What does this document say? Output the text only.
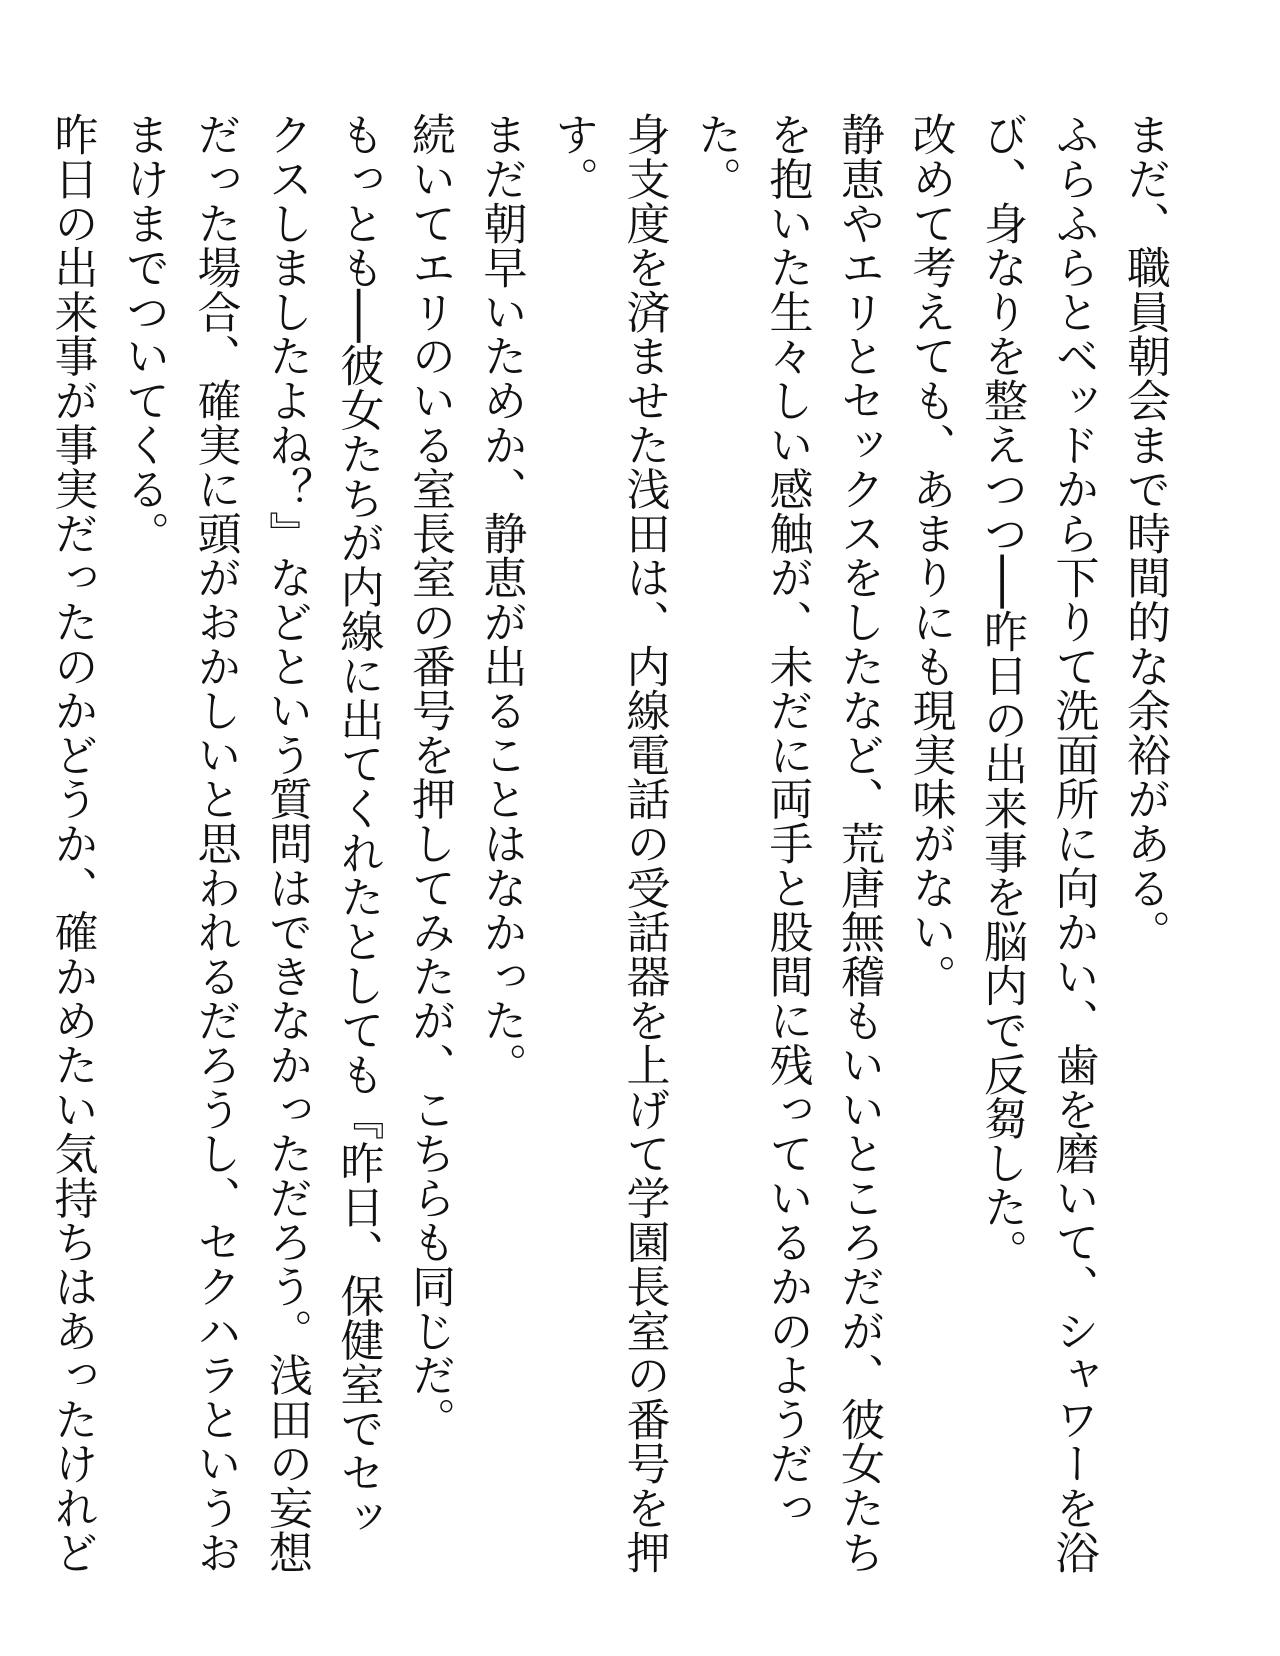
まだ、職員朝会まで時間的な余裕がある。

ふらふらとベッドから下りて洗面所に向かい、歯を磨いて、シャワーを浴び、身なりを整えつつ──昨日の出来事を脳内で反芻した。

改めて考えても、あまりにも現実味がない。

静恵やエリとセックスをしたなど、荒唐無稽もいいところだが、彼女たちを抱いた生々しい感触が、未だに両手と股間に残っているかのようだった。

身支度を済ませた浅田は、内線電話の受話器を上げて学園長室の番号を押す。

まだ朝早いためか、静恵が出ることはなかった。

続いてエリのいる室長室の番号を押してみたが、こちらも同じだ。

もっとも──彼女たちが内線に出てくれたとしても『昨日、保健室でセックスしましたよね？』などという質問はできなかっただろう。浅田の妄想だった場合、確実に頭がおかしいと思われるだろうし、セクハラというおまけまでついてくる。

昨日の出来事が事実だったのかどうか、確かめたい気持ちはあったけれど
